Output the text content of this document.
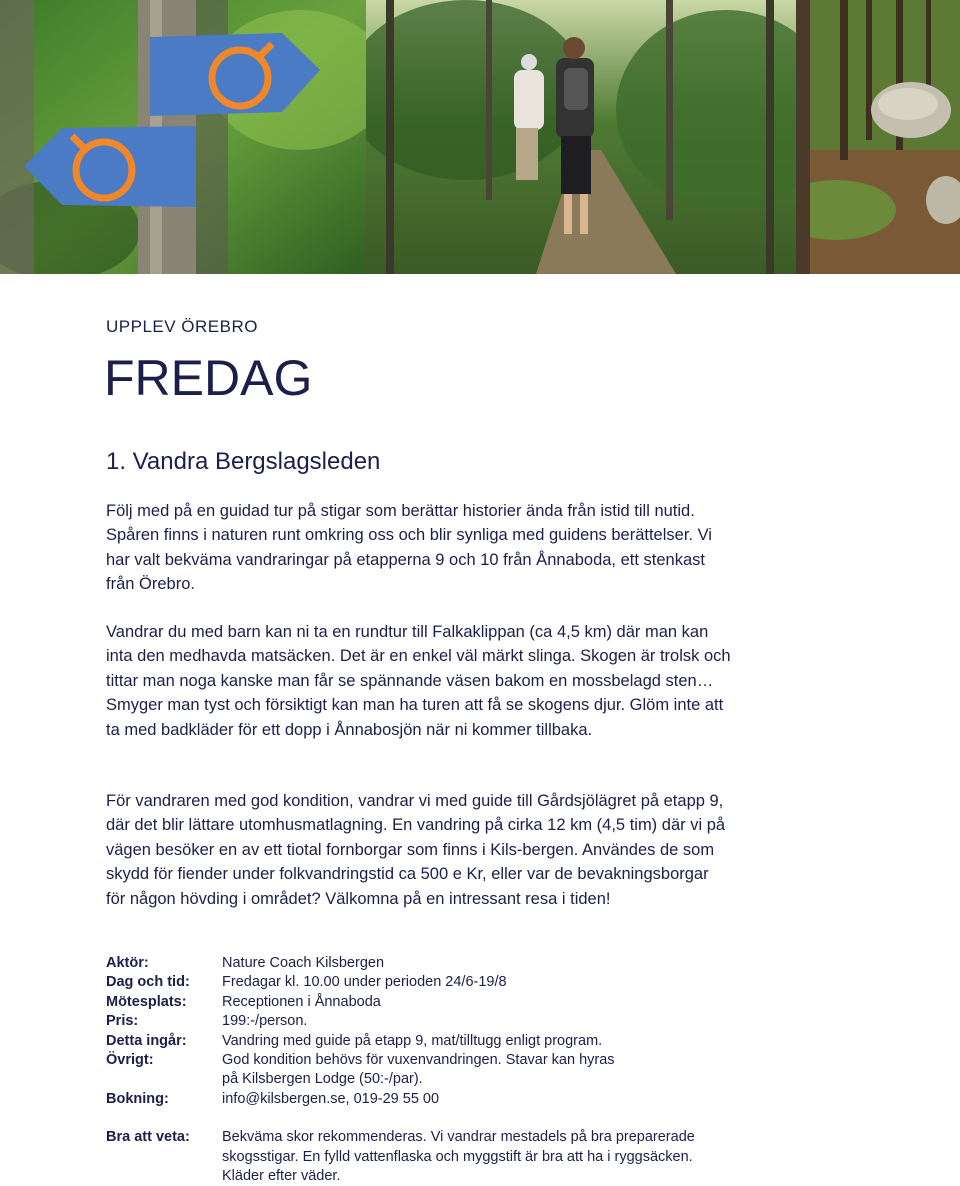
UPPLEV ÖREBRO

FREDAG
1. Vandra Bergslagsleden

Följ med på en guidad tur på stigar som berättar historier ända från istid till nutid. Spåren finns i naturen runt omkring oss och blir synliga med guidens berättelser. Vi har valt bekväma vandraringar på etapperna 9 och 10 från Ånnaboda, ett stenkast från Örebro.

Vandrar du med barn kan ni ta en rundtur till Falkaklippan (ca 4,5 km) där man kan inta den medhavda matsäcken. Det är en enkel väl märkt slinga. Skogen är trolsk och tittar man noga kanske man får se spännande väsen bakom en mossbelagd sten… Smyger man tyst och försiktigt kan man ha turen att få se skogens djur. Glöm inte att ta med badkläder för ett dopp i Ånnabosjön när ni kommer tillbaka.

För vandraren med god kondition, vandrar vi med guide till Gårdsjölägret på etapp 9, där det blir lättare utomhusmatlagning. En vandring på cirka 12 km (4,5 tim) där vi på vägen besöker en av ett tiotal fornborgar som finns i Kils-bergen. Användes de som skydd för fiender under folkvandringstid ca 500 e Kr, eller var de bevakningsborgar för någon hövding i området? Välkomna på en intressant resa i tiden!

Aktör:	Nature Coach Kilsbergen
Dag och tid:	Fredagar kl. 10.00 under perioden 24/6-19/8
Mötesplats:	Receptionen i Ånnaboda
Pris:	199:-/person.
Detta ingår:	Vandring med guide på etapp 9, mat/tilltugg enligt program.
Övrigt:	God kondition behövs för vuxenvandringen. Stavar kan hyras
på Kilsbergen Lodge (50:-/par).
Bokning:	info@kilsbergen.se, 019-29 55 00
Bra att veta:	Bekväma skor rekommenderas. Vi vandrar mestadels på bra preparerade
skogsstigar. En fylld vattenflaska och myggstift är bra att ha i ryggsäcken.
Kläder efter väder.
